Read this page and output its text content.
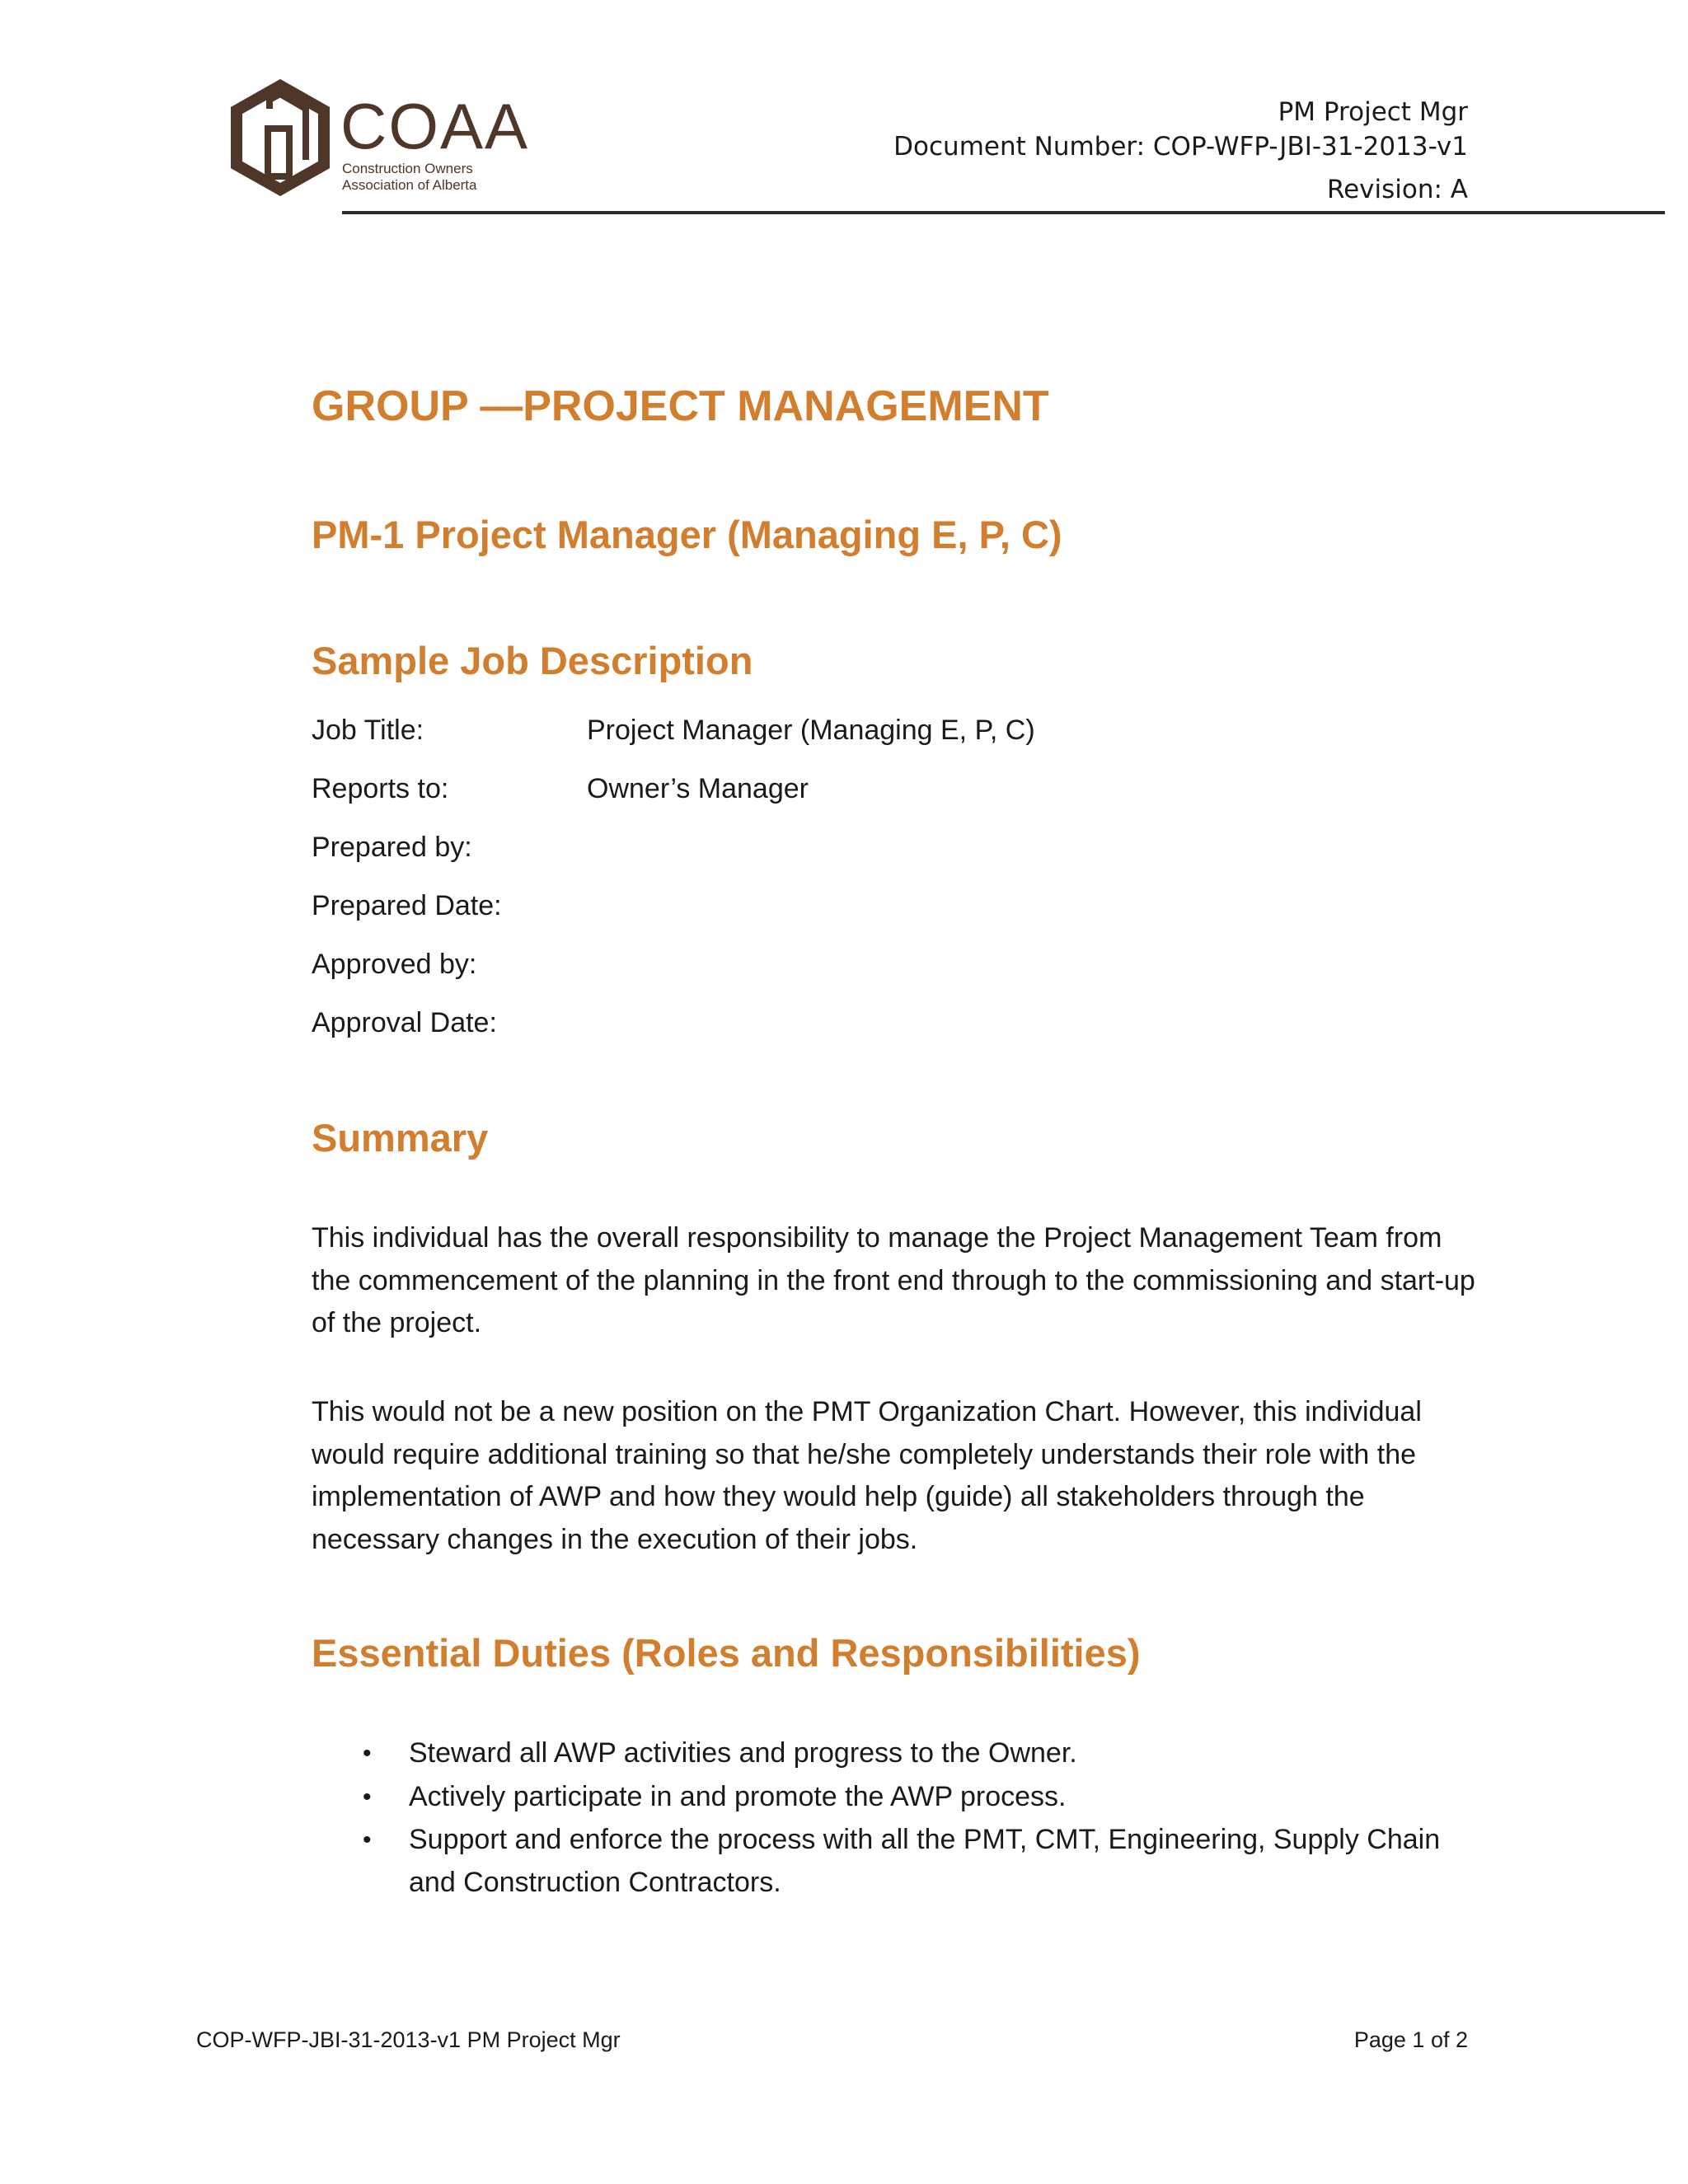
COAA
Construction Owners
Association of Alberta
PM Project Mgr
Document Number: COP-WFP-JBI-31-2013-v1
Revision: A
GROUP —PROJECT MANAGEMENT
PM-1 Project Manager (Managing E, P, C)
Sample Job Description
Job Title:	Project Manager (Managing E, P, C)
Reports to:	Owner’s Manager
Prepared by:
Prepared Date:
Approved by:
Approval Date:
Summary

This individual has the overall responsibility to manage the Project Management Team from the commencement of the planning in the front end through to the commissioning and start-up of the project.

This would not be a new position on the PMT Organization Chart. However, this individual would require additional training so that he/she completely understands their role with the implementation of AWP and how they would help (guide) all stakeholders through the necessary changes in the execution of their jobs.

Essential Duties (Roles and Responsibilities)
• Steward all AWP activities and progress to the Owner.
• Actively participate in and promote the AWP process.
• Support and enforce the process with all the PMT, CMT, Engineering, Supply Chain and Construction Contractors.
COP-WFP-JBI-31-2013-v1 PM Project Mgr	Page 1 of 2
